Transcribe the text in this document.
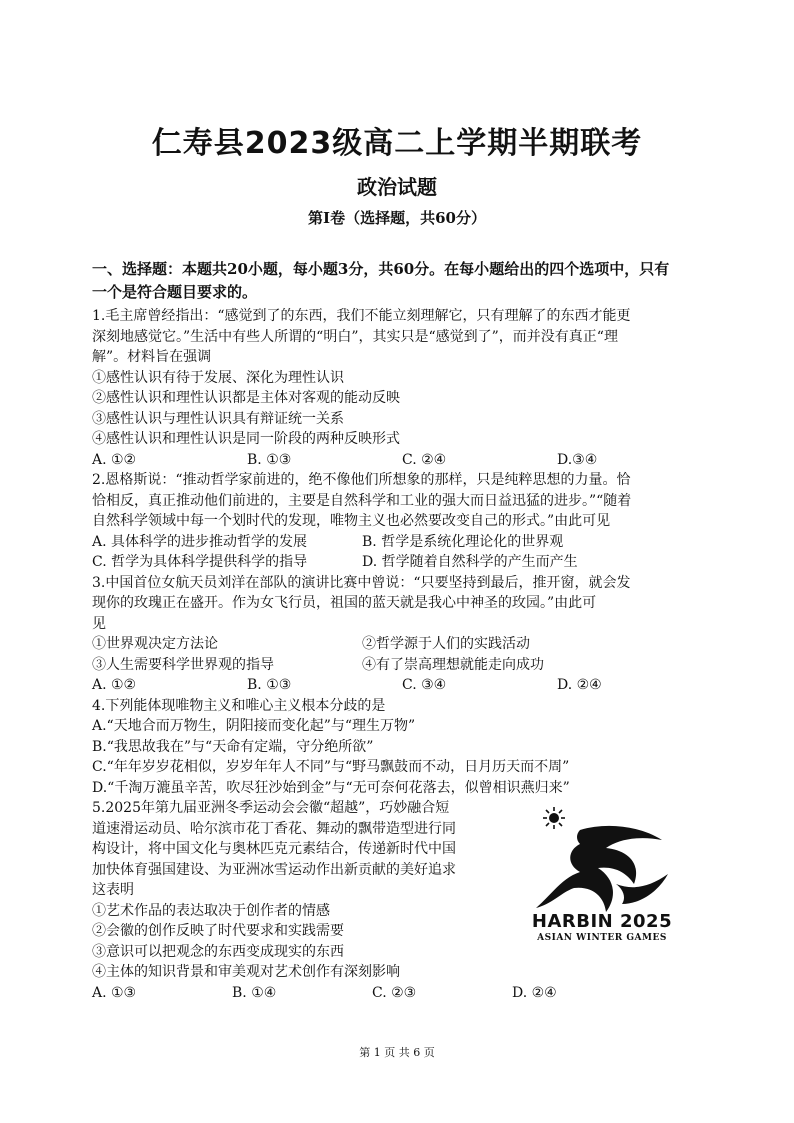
仁寿县2023级高二上学期半期联考
政治试题
第Ⅰ卷（选择题，共60分）
一、选择题：本题共20小题，每小题3分，共60分。在每小题给出的四个选项中，只有
一个是符合题目要求的。

1.毛主席曾经指出：“感觉到了的东西，我们不能立刻理解它，只有理解了的东西才能更

深刻地感觉它。”生活中有些人所谓的“明白”，其实只是“感觉到了”，而并没有真正“理

解”。材料旨在强调

①感性认识有待于发展、深化为理性认识

②感性认识和理性认识都是主体对客观的能动反映

③感性认识与理性认识具有辩证统一关系

④感性认识和理性认识是同一阶段的两种反映形式

A. ①②	B. ①③	C. ②④	D.③④

2.恩格斯说：“推动哲学家前进的，绝不像他们所想象的那样，只是纯粹思想的力量。恰

恰相反，真正推动他们前进的，主要是自然科学和工业的强大而日益迅猛的进步。”“随着

自然科学领域中每一个划时代的发现，唯物主义也必然要改变自己的形式。”由此可见

A. 具体科学的进步推动哲学的发展	B. 哲学是系统化理论化的世界观
C. 哲学为具体科学提供科学的指导	D. 哲学随着自然科学的产生而产生

3.中国首位女航天员刘洋在部队的演讲比赛中曾说：“只要坚持到最后，推开窗，就会发

现你的玫瑰正在盛开。作为女飞行员，祖国的蓝天就是我心中神圣的玫园。”由此可

见

①世界观决定方法论	②哲学源于人们的实践活动
③人生需要科学世界观的指导	④有了崇高理想就能走向成功
A. ①②	B. ①③	C. ③④	D. ②④

4.下列能体现唯物主义和唯心主义根本分歧的是

A.“天地合而万物生，阴阳接而变化起”与“理生万物”

B.“我思故我在”与“天命有定端，守分绝所欲”

C.“年年岁岁花相似，岁岁年年人不同”与“野马飘鼓而不动，日月历天而不周”

D.“千淘万漉虽辛苦，吹尽狂沙始到金”与“无可奈何花落去，似曾相识燕归来”

5.2025年第九届亚洲冬季运动会会徽“超越”，巧妙融合短

道速滑运动员、哈尔滨市花丁香花、舞动的飘带造型进行同

构设计，将中国文化与奥林匹克元素结合，传递新时代中国

加快体育强国建设、为亚洲冰雪运动作出新贡献的美好追求

这表明

①艺术作品的表达取决于创作者的情感

②会徽的创作反映了时代要求和实践需要

③意识可以把观念的东西变成现实的东西

④主体的知识背景和审美观对艺术创作有深刻影响

A. ①③	B. ①④	C. ②③	D. ②④
HARBIN 2025
ASIAN WINTER GAMES
第 1 页 共 6 页
